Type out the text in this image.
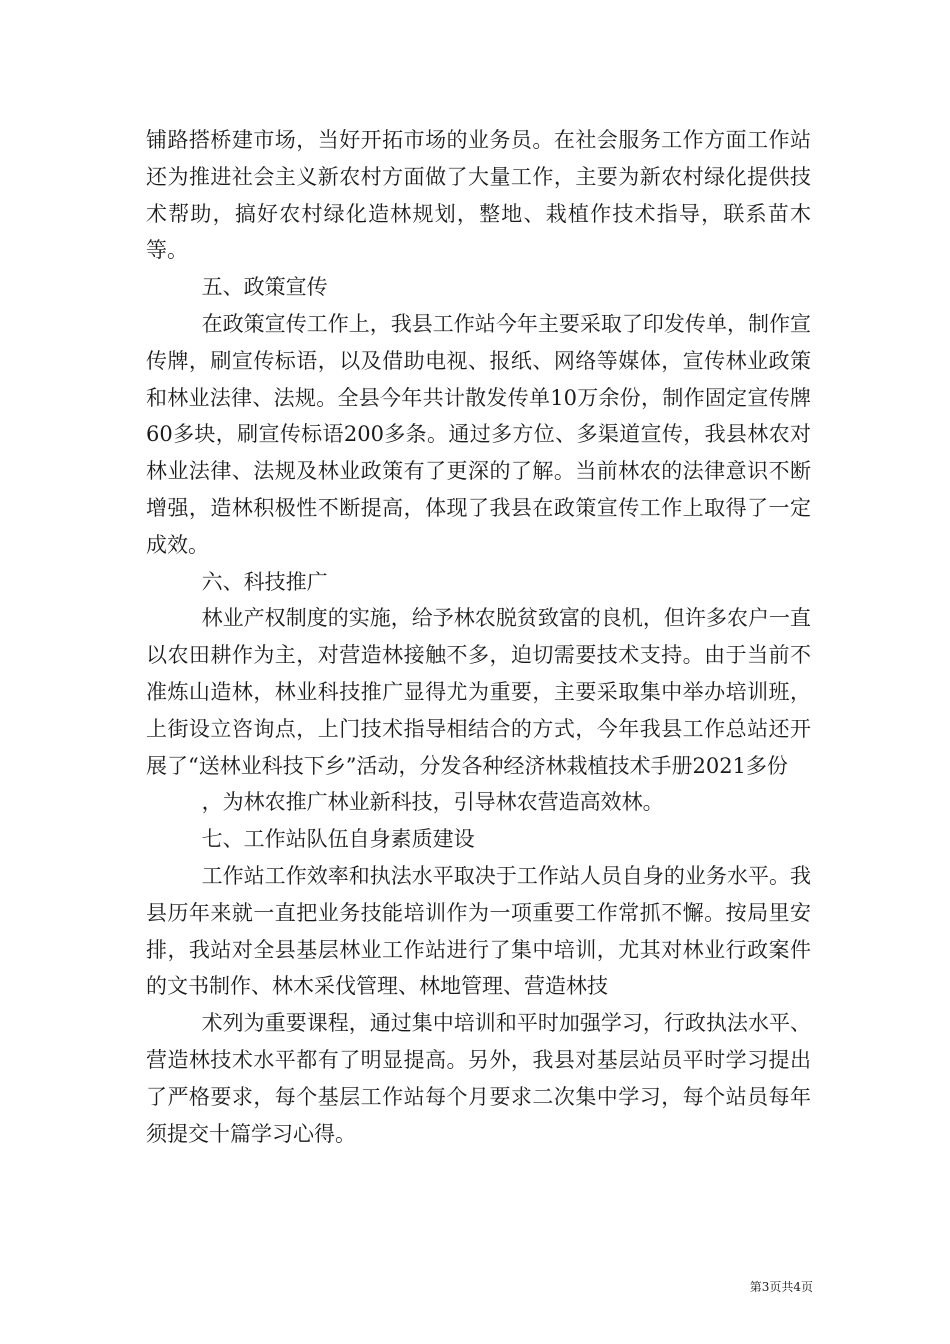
铺路搭桥建市场，当好开拓市场的业务员。在社会服务工作方面工作站还为推进社会主义新农村方面做了大量工作，主要为新农村绿化提供技术帮助，搞好农村绿化造林规划，整地、栽植作技术指导，联系苗木等。

五、政策宣传

在政策宣传工作上，我县工作站今年主要采取了印发传单，制作宣传牌，刷宣传标语，以及借助电视、报纸、网络等媒体，宣传林业政策和林业法律、法规。全县今年共计散发传单10万余份，制作固定宣传牌60多块，刷宣传标语200多条。通过多方位、多渠道宣传，我县林农对林业法律、法规及林业政策有了更深的了解。当前林农的法律意识不断增强，造林积极性不断提高，体现了我县在政策宣传工作上取得了一定成效。

六、科技推广

林业产权制度的实施，给予林农脱贫致富的良机，但许多农户一直以农田耕作为主，对营造林接触不多，迫切需要技术支持。由于当前不准炼山造林，林业科技推广显得尤为重要，主要采取集中举办培训班，上街设立咨询点，上门技术指导相结合的方式，今年我县工作总站还开展了“送林业科技下乡”活动，分发各种经济林栽植技术手册2021多份

，为林农推广林业新科技，引导林农营造高效林。

七、工作站队伍自身素质建设

工作站工作效率和执法水平取决于工作站人员自身的业务水平。我县历年来就一直把业务技能培训作为一项重要工作常抓不懈。按局里安排，我站对全县基层林业工作站进行了集中培训，尤其对林业行政案件的文书制作、林木采伐管理、林地管理、营造林技

术列为重要课程，通过集中培训和平时加强学习，行政执法水平、营造林技术水平都有了明显提高。另外，我县对基层站员平时学习提出了严格要求，每个基层工作站每个月要求二次集中学习，每个站员每年须提交十篇学习心得。

第3页共4页
